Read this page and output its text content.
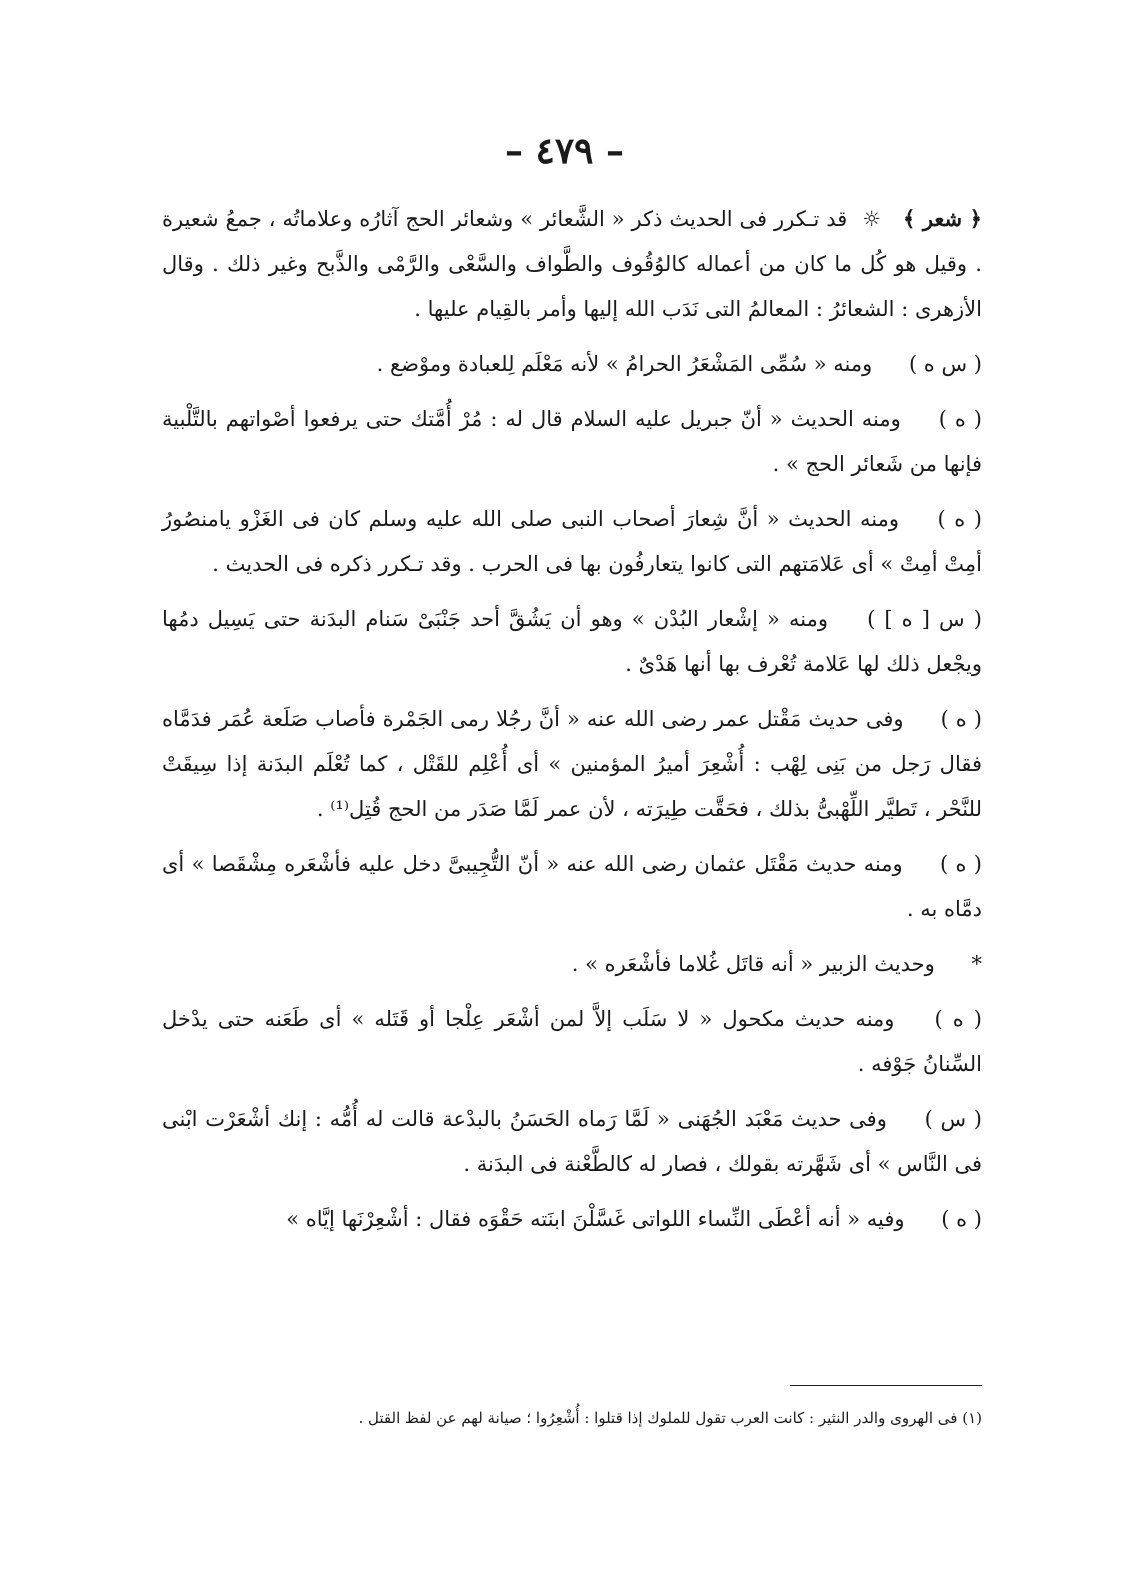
– ٤٧٩ –

﴿ شعر ﴾☼ قد تـكرر فى الحديث ذكر « الشَّعائر » وشعائر الحج آثارُه وعلاماتُه ، جمعُ شعيرة . وقيل هو كُل ما كان من أعماله كالوُقُوف والطَّواف والسَّعْى والرَّمْى والذَّبح وغير ذلك . وقال الأزهرى : الشعائرُ : المعالمُ التى نَدَب الله إليها وأمر بالقِيام عليها .

( س ه ) ومنه « سُمِّى المَشْعَرُ الحرامُ » لأنه مَعْلَم لِلعبادة وموْضع .

( ه ) ومنه الحديث « أنّ جبريل عليه السلام قال له : مُرْ أُمَّتك حتى يرفعوا أصْواتهم بالتَّلْبية فإنها من شَعائر الحج » .

( ه ) ومنه الحديث « أنَّ شِعارَ أصحاب النبى صلى الله عليه وسلم كان فى الغَزْو يامنصُورُ أمِتْ أمِتْ » أى عَلامَتهم التى كانوا يتعارفُون بها فى الحرب . وقد تـكرر ذكره فى الحديث .

( س [ ه ] ) ومنه « إشْعار البُدْن » وهو أن يَشُقَّ أحد جَنْبَىْ سَنام البدَنة حتى يَسِيل دمُها ويجْعل ذلك لها عَلامة تُعْرف بها أنها هَدْىٌ .

( ه ) وفى حديث مَقْتل عمر رضى الله عنه « أنَّ رجُلا رمى الجَمْرة فأصاب صَلَعة عُمَر فدَمَّاه فقال رَجل من بَنِى لِهْب : أُشْعِرَ أميرُ المؤمنين » أى أُعْلِم للقَتْل ، كما تُعْلَم البدَنة إذا سِيقَتْ للنَّحْر ، تَطيَّر اللِّهْبىُّ بذلك ، فحَقَّت طِيرَته ، لأن عمر لَمَّا صَدَر من الحج قُتِل⁽¹⁾ .

( ه ) ومنه حديث مَقْتَل عثمان رضى الله عنه « أنّ التُّجِيبىَّ دخل عليه فأشْعَره مِشْقَصا » أى دمَّاه به .

* وحديث الزبير « أنه قاتَل غُلاما فأشْعَره » .

( ه ) ومنه حديث مكحول « لا سَلَب إلاَّ لمن أشْعَر عِلْجا أو قَتَله » أى طَعَنه حتى يدْخل السِّنانُ جَوْفه .

( س ) وفى حديث مَعْبَد الجُهَنى « لَمَّا رَماه الحَسَنُ بالبدْعة قالت له أُمُّه : إنك أشْعَرْت ابْنى فى النَّاس » أى شَهَّرته بقولك ، فصار له كالطَّعْنة فى البدَنة .

( ه ) وفيه « أنه أعْطَى النِّساء اللواتى غَسَّلْنَ ابنَته حَقْوَه فقال : أشْعِرْنَها إيَّاه »

(١) فى الهروى والدر النثير : كانت العرب تقول للملوك إذا قتلوا : أُشْعِرُوا ؛ صيانة لهم عن لفظ القتل .
